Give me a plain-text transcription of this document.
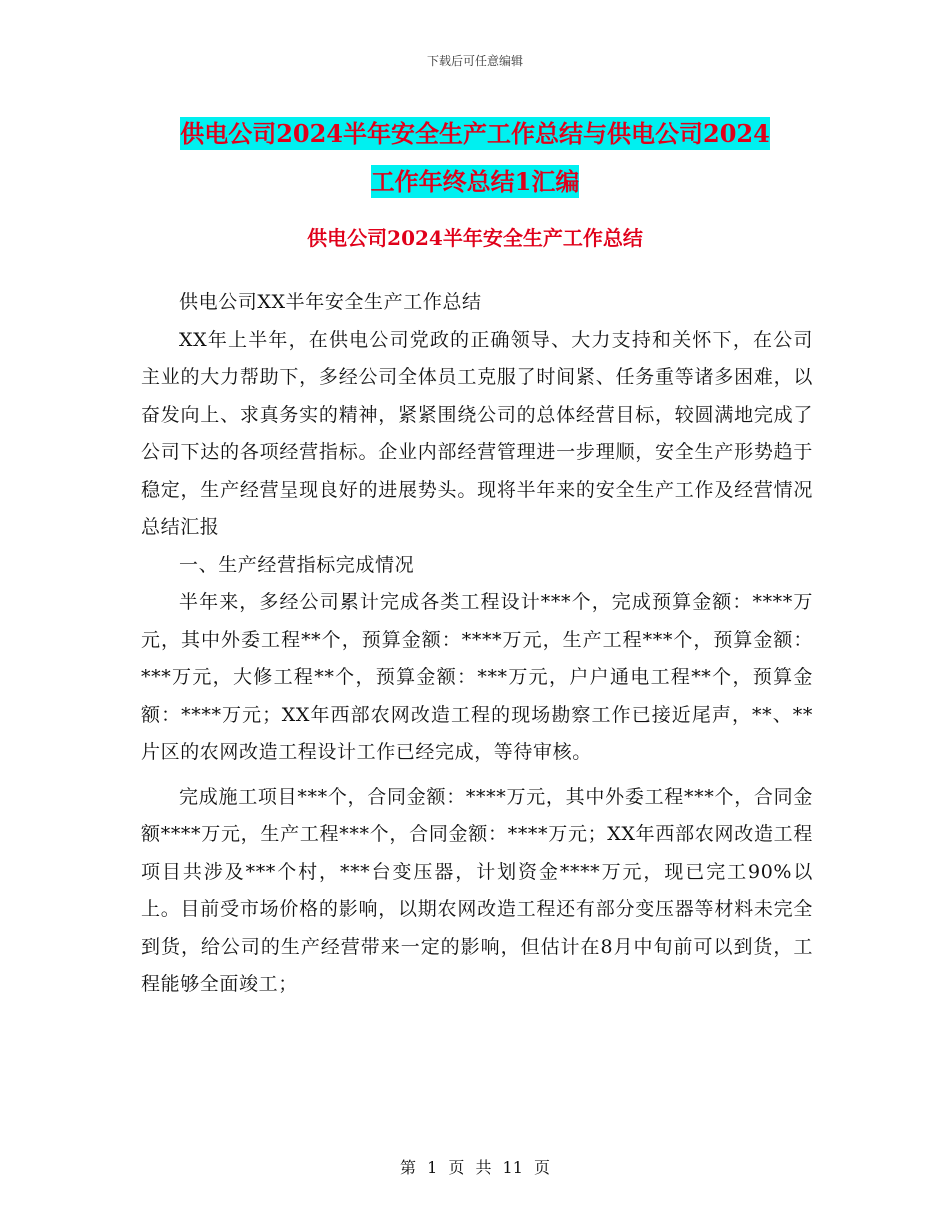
下载后可任意编辑
供电公司2024半年安全生产工作总结与供电公司2024
工作年终总结1汇编
供电公司2024半年安全生产工作总结

供电公司XX半年安全生产工作总结

XX年上半年，在供电公司党政的正确领导、大力支持和关怀下，在公司主业的大力帮助下，多经公司全体员工克服了时间紧、任务重等诸多困难，以奋发向上、求真务实的精神，紧紧围绕公司的总体经营目标，较圆满地完成了公司下达的各项经营指标。企业内部经营管理进一步理顺，安全生产形势趋于稳定，生产经营呈现良好的进展势头。现将半年来的安全生产工作及经营情况总结汇报

一、生产经营指标完成情况

半年来，多经公司累计完成各类工程设计***个，完成预算金额：****万元，其中外委工程**个，预算金额：****万元，生产工程***个，预算金额：***万元，大修工程**个，预算金额：***万元，户户通电工程**个，预算金额：****万元；XX年西部农网改造工程的现场勘察工作已接近尾声，**、**片区的农网改造工程设计工作已经完成，等待审核。

完成施工项目***个，合同金额：****万元，其中外委工程***个，合同金额****万元，生产工程***个，合同金额：****万元；XX年西部农网改造工程项目共涉及***个村，***台变压器，计划资金****万元，现已完工90%以上。目前受市场价格的影响，以期农网改造工程还有部分变压器等材料未完全到货，给公司的生产经营带来一定的影响，但估计在8月中旬前可以到货，工程能够全面竣工；

第 1 页 共 11 页
